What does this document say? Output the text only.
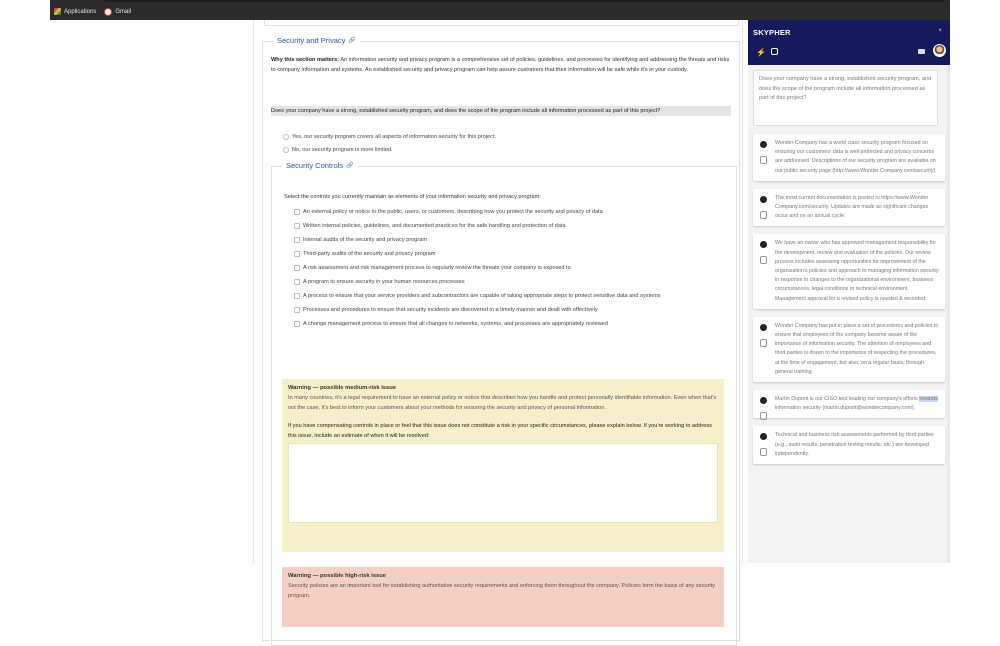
Applications	Gmail
Security and Privacy 🔗
Why this section matters: An information security and privacy program is a comprehensive set of policies, guidelines, and processes for identifying and addressing the threats and risks to company information and systems. An established security and privacy program can help assure customers that their information will be safe while it's in your custody.
Does your company have a strong, established security program, and does the scope of the program include all information processed as part of this project?
Yes, our security program covers all aspects of information security for this project.
No, our security program is more limited.
Security Controls 🔗
Select the controls you currently maintain as elements of your information security and privacy program:
An external policy or notice to the public, users, or customers, describing how you protect the security and privacy of data
Written internal policies, guidelines, and documented practices for the safe handling and protection of data
Internal audits of the security and privacy program
Third-party audits of the security and privacy program
A risk assessment and risk management process to regularly review the threats your company is exposed to
A program to ensure security in your human resources processes
A process to ensure that your service providers and subcontractors are capable of taking appropriate steps to protect sensitive data and systems
Processes and procedures to ensure that security incidents are discovered in a timely manner and dealt with effectively
A change management process to ensure that all changes to networks, systems, and processes are appropriately reviewed
Warning — possible medium-risk issue
In many countries, it's a legal requirement to have an external policy or notice that describes how you handle and protect personally identifiable information. Even when that's not the case, it's best to inform your customers about your methods for ensuring the security and privacy of personal information.
If you have compensating controls in place or feel that this issue does not constitute a risk in your specific circumstances, please explain below. If you're working to address this issue, include an estimate of when it will be resolved:
Warning — possible high-risk issue
Security policies are an important tool for establishing authoritative security requirements and enforcing them throughout the company. Policies form the basis of any security program.
SKYPHER	×
⚡
Does your company have a strong, established security program, and does the scope of the program include all information processed as part of this project?
Wonder Company has a world class security program focused on ensuring our customers' data is well protected and privacy concerns are addressed. Descriptions of our security program are available on our public security page (http://www.Wonder Company.com/security).
The most current documentation is posted to https://www.Wonder Company.com/security. Updates are made as significant changes occur and on an annual cycle.
We have an owner who has approved management responsibility for the development, review and evaluation of the policies. Our review process includes assessing opportunities for improvement of the organization's policies and approach to managing information security in response to changes to the organizational environment, business circumstances, legal conditions or technical environment. Management approval for a revised policy is needed & recorded.
Wonder Company has put in place a set of procedures and policies to ensure that employees of the company become aware of the importance of information security. The attention of employees and third parties is drawn to the importance of respecting the procedures, at the time of engagement, but also, on a regular basis, through general training.
Martin Dupont is our CISO and leading our company's efforts towards information security (martin.dupont@wondercompany.com).
Technical and business risk assessments performed by third parties (e.g., audit results, penetration testing results, etc.) are developed independently.
